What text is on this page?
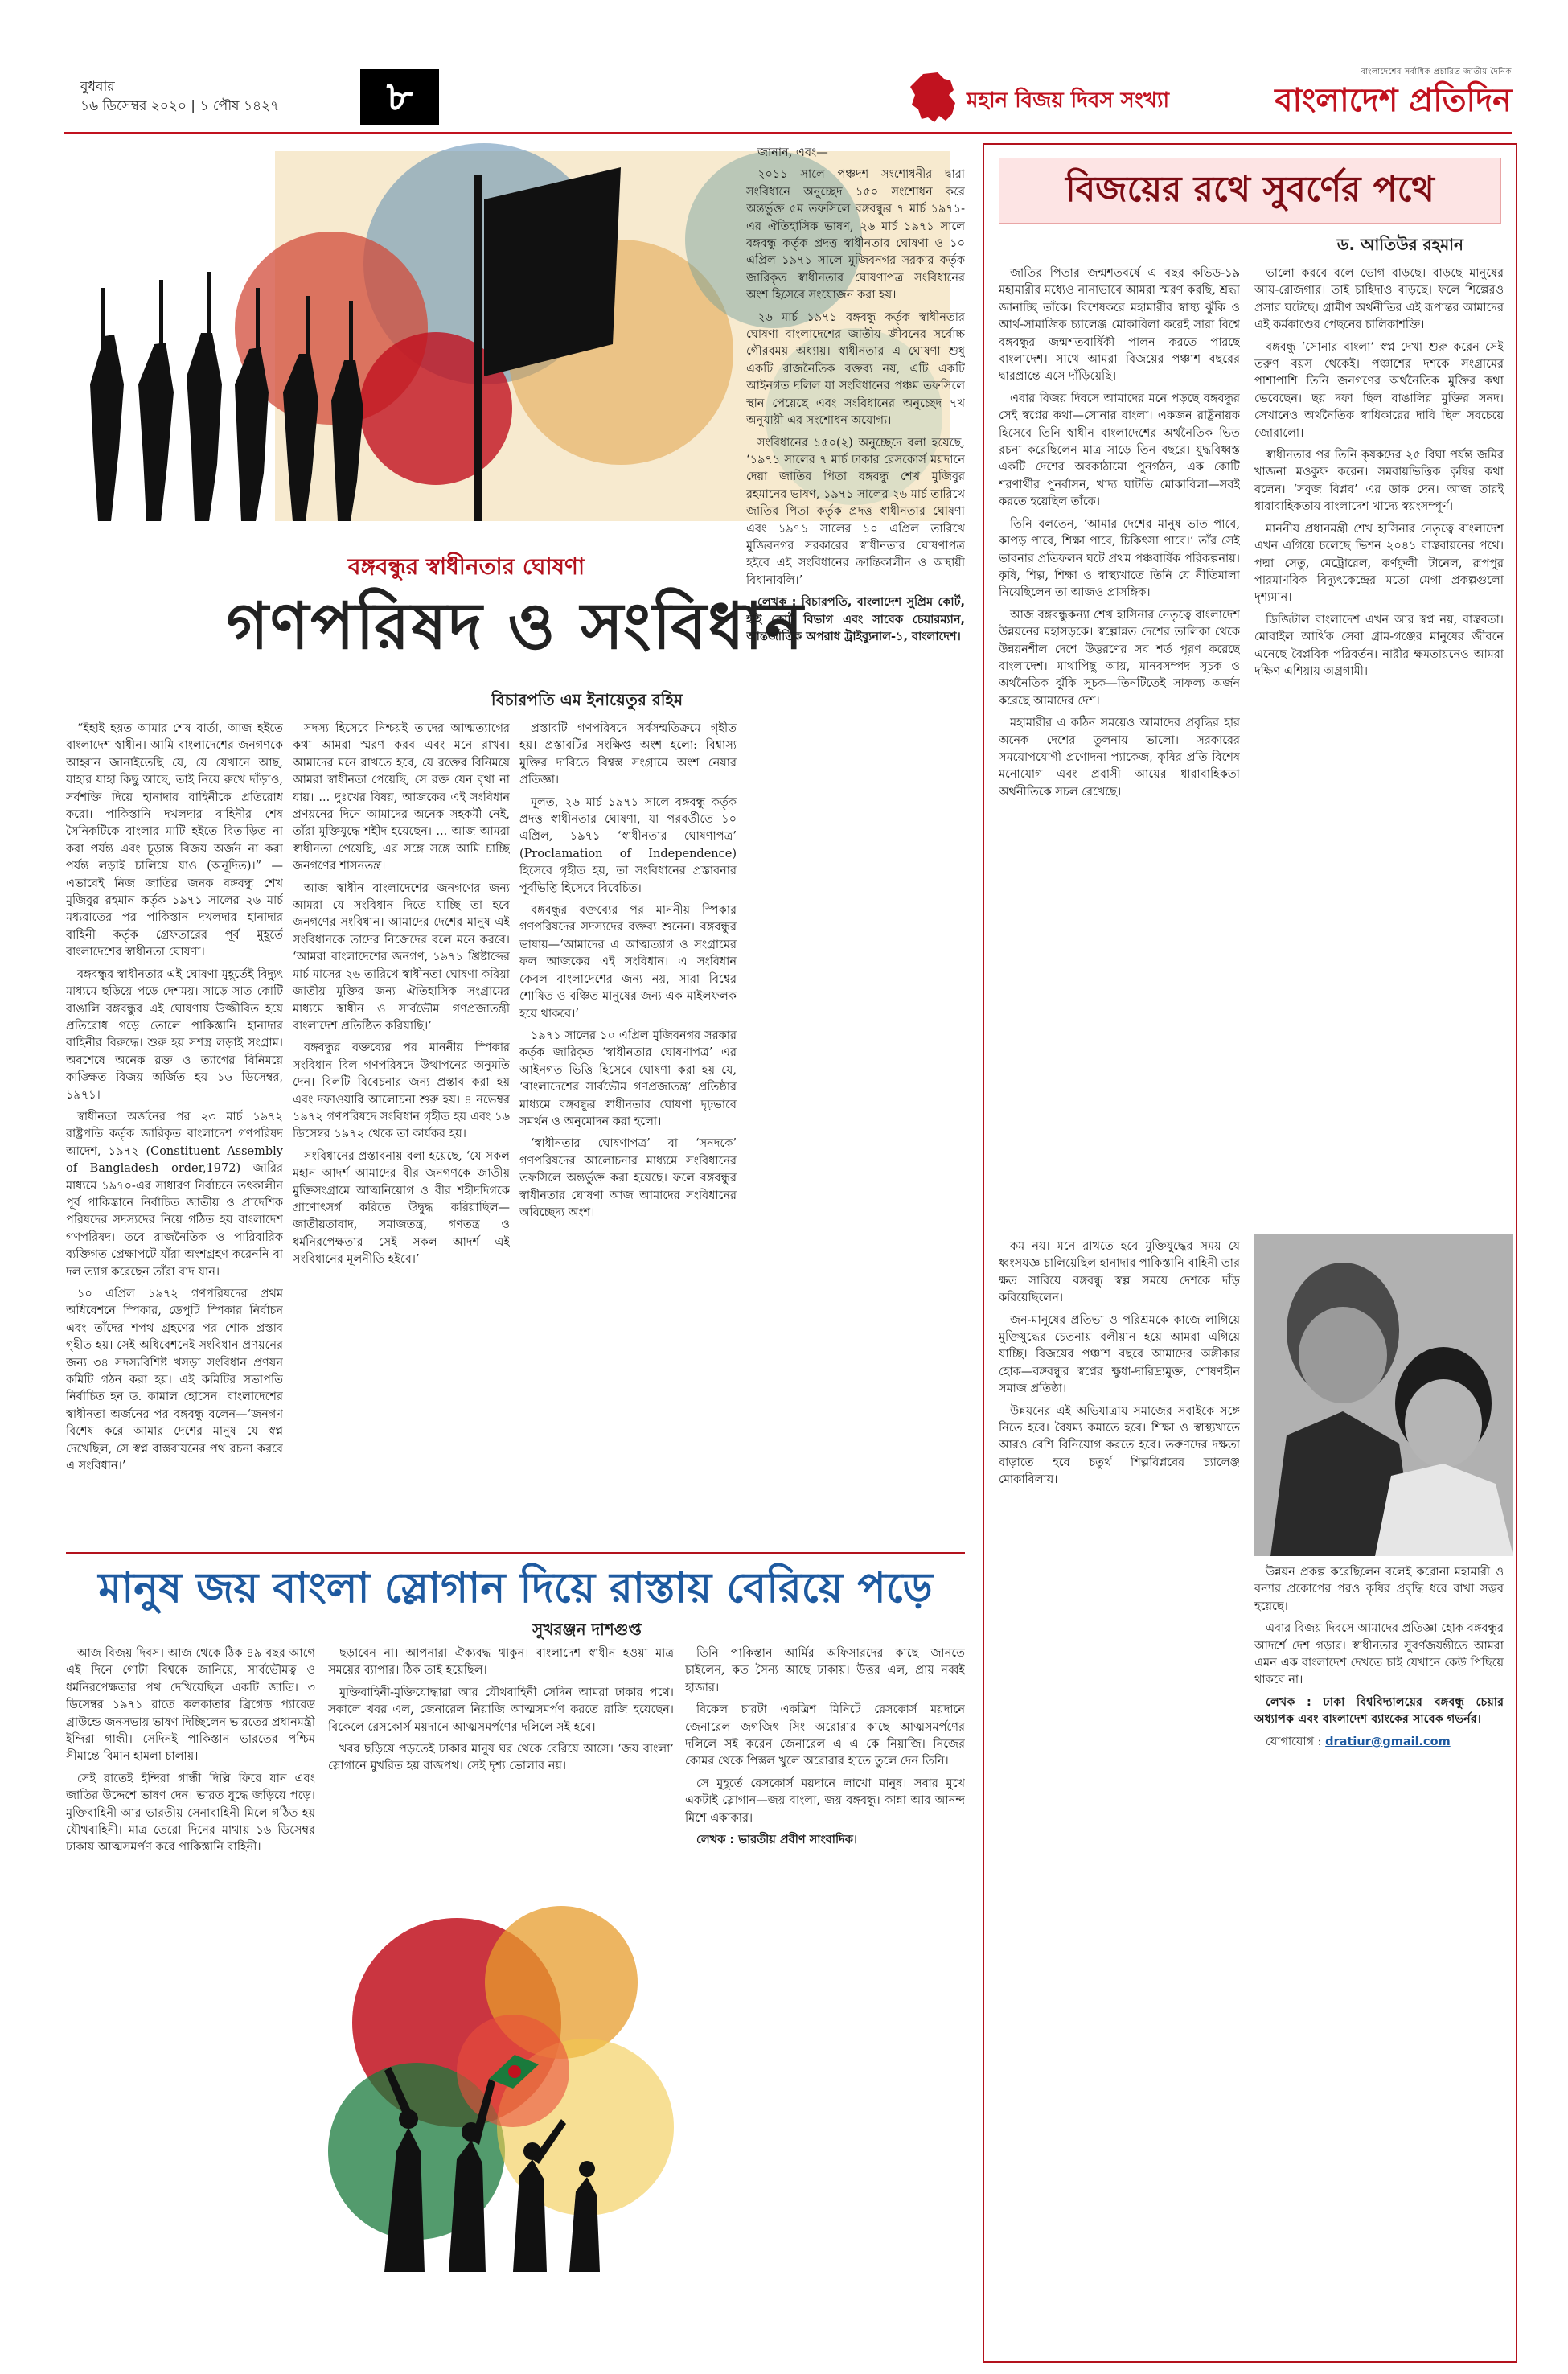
বুধবার
১৬ ডিসেম্বর ২০২০ | ১ পৌষ ১৪২৭	৮	মহান বিজয় দিবস সংখ্যা
বাংলাদেশের সর্বাধিক প্রচারিত জাতীয় দৈনিক
বাংলাদেশ প্রতিদিন
বঙ্গবন্ধুর স্বাধীনতার ঘোষণা
গণপরিষদ ও সংবিধান
বিচারপতি এম ইনায়েতুর রহিম

“ইহাই হয়ত আমার শেষ বার্তা, আজ হইতে বাংলাদেশ স্বাধীন। আমি বাংলাদেশের জনগণকে আহ্বান জানাইতেছি যে, যে যেখানে আছ, যাহার যাহা কিছু আছে, তাই নিয়ে রুখে দাঁড়াও, সর্বশক্তি দিয়ে হানাদার বাহিনীকে প্রতিরোধ করো। পাকিস্তানি দখলদার বাহিনীর শেষ সৈনিকটিকে বাংলার মাটি হইতে বিতাড়িত না করা পর্যন্ত এবং চূড়ান্ত বিজয় অর্জন না করা পর্যন্ত লড়াই চালিয়ে যাও (অনূদিত)।” —এভাবেই নিজ জাতির জনক বঙ্গবন্ধু শেখ মুজিবুর রহমান কর্তৃক ১৯৭১ সালের ২৬ মার্চ মধ্যরাতের পর পাকিস্তান দখলদার হানাদার বাহিনী কর্তৃক গ্রেফতারের পূর্ব মুহূর্তে বাংলাদেশের স্বাধীনতা ঘোষণা।

বঙ্গবন্ধুর স্বাধীনতার এই ঘোষণা মুহূর্তেই বিদ্যুৎ মাধ্যমে ছড়িয়ে পড়ে দেশময়। সাড়ে সাত কোটি বাঙালি বঙ্গবন্ধুর এই ঘোষণায় উজ্জীবিত হয়ে প্রতিরোধ গড়ে তোলে পাকিস্তানি হানাদার বাহিনীর বিরুদ্ধে। শুরু হয় সশস্ত্র লড়াই সংগ্রাম। অবশেষে অনেক রক্ত ও ত্যাগের বিনিময়ে কাঙ্ক্ষিত বিজয় অর্জিত হয় ১৬ ডিসেম্বর, ১৯৭১।

স্বাধীনতা অর্জনের পর ২৩ মার্চ ১৯৭২ রাষ্ট্রপতি কর্তৃক জারিকৃত বাংলাদেশ গণপরিষদ আদেশ, ১৯৭২ (Constituent Assembly of Bangladesh order,1972) জারির মাধ্যমে ১৯৭০-এর সাধারণ নির্বাচনে তৎকালীন পূর্ব পাকিস্তানে নির্বাচিত জাতীয় ও প্রাদেশিক পরিষদের সদস্যদের নিয়ে গঠিত হয় বাংলাদেশ গণপরিষদ। তবে রাজনৈতিক ও পারিবারিক ব্যক্তিগত প্রেক্ষাপটে যাঁরা অংশগ্রহণ করেননি বা দল ত্যাগ করেছেন তাঁরা বাদ যান।

১০ এপ্রিল ১৯৭২ গণপরিষদের প্রথম অধিবেশনে স্পিকার, ডেপুটি স্পিকার নির্বাচন এবং তাঁদের শপথ গ্রহণের পর শোক প্রস্তাব গৃহীত হয়। সেই অধিবেশনেই সংবিধান প্রণয়নের জন্য ৩৪ সদস্যবিশিষ্ট খসড়া সংবিধান প্রণয়ন কমিটি গঠন করা হয়। এই কমিটির সভাপতি নির্বাচিত হন ড. কামাল হোসেন। বাংলাদেশের স্বাধীনতা অর্জনের পর বঙ্গবন্ধু বলেন—‘জনগণ বিশেষ করে আমার দেশের মানুষ যে স্বপ্ন দেখেছিল, সে স্বপ্ন বাস্তবায়নের পথ রচনা করবে এ সংবিধান।’

সদস্য হিসেবে নিশ্চয়ই তাদের আত্মত্যাগের কথা আমরা স্মরণ করব এবং মনে রাখব। আমাদের মনে রাখতে হবে, যে রক্তের বিনিময়ে আমরা স্বাধীনতা পেয়েছি, সে রক্ত যেন বৃথা না যায়। ... দুঃখের বিষয়, আজকের এই সংবিধান প্রণয়নের দিনে আমাদের অনেক সহকর্মী নেই, তাঁরা মুক্তিযুদ্ধে শহীদ হয়েছেন। ... আজ আমরা স্বাধীনতা পেয়েছি, এর সঙ্গে সঙ্গে আমি চাচ্ছি জনগণের শাসনতন্ত্র।

আজ স্বাধীন বাংলাদেশের জনগণের জন্য আমরা যে সংবিধান দিতে যাচ্ছি তা হবে জনগণের সংবিধান। আমাদের দেশের মানুষ এই সংবিধানকে তাদের নিজেদের বলে মনে করবে। ‘আমরা বাংলাদেশের জনগণ, ১৯৭১ খ্রিষ্টাব্দের মার্চ মাসের ২৬ তারিখে স্বাধীনতা ঘোষণা করিয়া জাতীয় মুক্তির জন্য ঐতিহাসিক সংগ্রামের মাধ্যমে স্বাধীন ও সার্বভৌম গণপ্রজাতন্ত্রী বাংলাদেশ প্রতিষ্ঠিত করিয়াছি।’

বঙ্গবন্ধুর বক্তব্যের পর মাননীয় স্পিকার সংবিধান বিল গণপরিষদে উত্থাপনের অনুমতি দেন। বিলটি বিবেচনার জন্য প্রস্তাব করা হয় এবং দফাওয়ারি আলোচনা শুরু হয়। ৪ নভেম্বর ১৯৭২ গণপরিষদে সংবিধান গৃহীত হয় এবং ১৬ ডিসেম্বর ১৯৭২ থেকে তা কার্যকর হয়।

সংবিধানের প্রস্তাবনায় বলা হয়েছে, ‘যে সকল মহান আদর্শ আমাদের বীর জনগণকে জাতীয় মুক্তিসংগ্রামে আত্মনিয়োগ ও বীর শহীদদিগকে প্রাণোৎসর্গ করিতে উদ্বুদ্ধ করিয়াছিল—জাতীয়তাবাদ, সমাজতন্ত্র, গণতন্ত্র ও ধর্মনিরপেক্ষতার সেই সকল আদর্শ এই সংবিধানের মূলনীতি হইবে।’

প্রস্তাবটি গণপরিষদে সর্বসম্মতিক্রমে গৃহীত হয়। প্রস্তাবটির সংক্ষিপ্ত অংশ হলো: বিশ্বাস্য মুক্তির দাবিতে বিশ্বস্ত সংগ্রামে অংশ নেয়ার প্রতিজ্ঞা।

মূলত, ২৬ মার্চ ১৯৭১ সালে বঙ্গবন্ধু কর্তৃক প্রদত্ত স্বাধীনতার ঘোষণা, যা পরবর্তীতে ১০ এপ্রিল, ১৯৭১ ‘স্বাধীনতার ঘোষণাপত্র’ (Proclamation of Independence) হিসেবে গৃহীত হয়, তা সংবিধানের প্রস্তাবনার পূর্বভিত্তি হিসেবে বিবেচিত।

বঙ্গবন্ধুর বক্তব্যের পর মাননীয় স্পিকার গণপরিষদের সদস্যদের বক্তব্য শুনেন। বঙ্গবন্ধুর ভাষায়—‘আমাদের এ আত্মত্যাগ ও সংগ্রামের ফল আজকের এই সংবিধান। এ সংবিধান কেবল বাংলাদেশের জন্য নয়, সারা বিশ্বের শোষিত ও বঞ্চিত মানুষের জন্য এক মাইলফলক হয়ে থাকবে।’

১৯৭১ সালের ১০ এপ্রিল মুজিবনগর সরকার কর্তৃক জারিকৃত ‘স্বাধীনতার ঘোষণাপত্র’ এর আইনগত ভিত্তি হিসেবে ঘোষণা করা হয় যে, ‘বাংলাদেশের সার্বভৌম গণপ্রজাতন্ত্র’ প্রতিষ্ঠার মাধ্যমে বঙ্গবন্ধুর স্বাধীনতার ঘোষণা দৃঢ়ভাবে সমর্থন ও অনুমোদন করা হলো।

‘স্বাধীনতার ঘোষণাপত্র’ বা ‘সনদকে’ গণপরিষদের আলোচনার মাধ্যমে সংবিধানের তফসিলে অন্তর্ভুক্ত করা হয়েছে। ফলে বঙ্গবন্ধুর স্বাধীনতার ঘোষণা আজ আমাদের সংবিধানের অবিচ্ছেদ্য অংশ।

জানান, এবং—

২০১১ সালে পঞ্চদশ সংশোধনীর দ্বারা সংবিধানে অনুচ্ছেদ ১৫০ সংশোধন করে অন্তর্ভুক্ত ৫ম তফসিলে বঙ্গবন্ধুর ৭ মার্চ ১৯৭১-এর ঐতিহাসিক ভাষণ, ২৬ মার্চ ১৯৭১ সালে বঙ্গবন্ধু কর্তৃক প্রদত্ত স্বাধীনতার ঘোষণা ও ১০ এপ্রিল ১৯৭১ সালে মুজিবনগর সরকার কর্তৃক জারিকৃত স্বাধীনতার ঘোষণাপত্র সংবিধানের অংশ হিসেবে সংযোজন করা হয়।

২৬ মার্চ ১৯৭১ বঙ্গবন্ধু কর্তৃক স্বাধীনতার ঘোষণা বাংলাদেশের জাতীয় জীবনের সর্বোচ্চ গৌরবময় অধ্যায়। স্বাধীনতার এ ঘোষণা শুধু একটি রাজনৈতিক বক্তব্য নয়, এটি একটি আইনগত দলিল যা সংবিধানের পঞ্চম তফসিলে স্থান পেয়েছে এবং সংবিধানের অনুচ্ছেদ ৭খ অনুযায়ী এর সংশোধন অযোগ্য।

সংবিধানের ১৫০(২) অনুচ্ছেদে বলা হয়েছে, ‘১৯৭১ সালের ৭ মার্চ ঢাকার রেসকোর্স ময়দানে দেয়া জাতির পিতা বঙ্গবন্ধু শেখ মুজিবুর রহমানের ভাষণ, ১৯৭১ সালের ২৬ মার্চ তারিখে জাতির পিতা কর্তৃক প্রদত্ত স্বাধীনতার ঘোষণা এবং ১৯৭১ সালের ১০ এপ্রিল তারিখে মুজিবনগর সরকারের স্বাধীনতার ঘোষণাপত্র হইবে এই সংবিধানের ক্রান্তিকালীন ও অস্থায়ী বিধানাবলি।’

লেখক : বিচারপতি, বাংলাদেশ সুপ্রিম কোর্ট, হাই কোর্ট বিভাগ এবং সাবেক চেয়ারম্যান, আন্তর্জাতিক অপরাধ ট্রাইব্যুনাল-১, বাংলাদেশ।

বিজয়ের রথে সুবর্ণের পথে
ড. আতিউর রহমান

জাতির পিতার জন্মশতবর্ষে এ বছর কভিড-১৯ মহামারীর মধ্যেও নানাভাবে আমরা স্মরণ করছি, শ্রদ্ধা জানাচ্ছি তাঁকে। বিশেষকরে মহামারীর স্বাস্থ্য ঝুঁকি ও আর্থ-সামাজিক চ্যালেঞ্জ মোকাবিলা করেই সারা বিশ্বে বঙ্গবন্ধুর জন্মশতবার্ষিকী পালন করতে পারছে বাংলাদেশ। সাথে আমরা বিজয়ের পঞ্চাশ বছরের দ্বারপ্রান্তে এসে দাঁড়িয়েছি।

এবার বিজয় দিবসে আমাদের মনে পড়ছে বঙ্গবন্ধুর সেই স্বপ্নের কথা—সোনার বাংলা। একজন রাষ্ট্রনায়ক হিসেবে তিনি স্বাধীন বাংলাদেশের অর্থনৈতিক ভিত রচনা করেছিলেন মাত্র সাড়ে তিন বছরে। যুদ্ধবিধ্বস্ত একটি দেশের অবকাঠামো পুনর্গঠন, এক কোটি শরণার্থীর পুনর্বাসন, খাদ্য ঘাটতি মোকাবিলা—সবই করতে হয়েছিল তাঁকে।

তিনি বলতেন, ‘আমার দেশের মানুষ ভাত পাবে, কাপড় পাবে, শিক্ষা পাবে, চিকিৎসা পাবে।’ তাঁর সেই ভাবনার প্রতিফলন ঘটে প্রথম পঞ্চবার্ষিক পরিকল্পনায়। কৃষি, শিল্প, শিক্ষা ও স্বাস্থ্যখাতে তিনি যে নীতিমালা নিয়েছিলেন তা আজও প্রাসঙ্গিক।

আজ বঙ্গবন্ধুকন্যা শেখ হাসিনার নেতৃত্বে বাংলাদেশ উন্নয়নের মহাসড়কে। স্বল্পোন্নত দেশের তালিকা থেকে উন্নয়নশীল দেশে উত্তরণের সব শর্ত পূরণ করেছে বাংলাদেশ। মাথাপিছু আয়, মানবসম্পদ সূচক ও অর্থনৈতিক ঝুঁকি সূচক—তিনটিতেই সাফল্য অর্জন করেছে আমাদের দেশ।

মহামারীর এ কঠিন সময়েও আমাদের প্রবৃদ্ধির হার অনেক দেশের তুলনায় ভালো। সরকারের সময়োপযোগী প্রণোদনা প্যাকেজ, কৃষির প্রতি বিশেষ মনোযোগ এবং প্রবাসী আয়ের ধারাবাহিকতা অর্থনীতিকে সচল রেখেছে।

ভালো করবে বলে ভোগ বাড়ছে। বাড়ছে মানুষের আয়-রোজগার। তাই চাহিদাও বাড়ছে। ফলে শিল্পেরও প্রসার ঘটেছে। গ্রামীণ অর্থনীতির এই রূপান্তর আমাদের এই কর্মকাণ্ডের পেছনের চালিকাশক্তি।

বঙ্গবন্ধু ‘সোনার বাংলা’ স্বপ্ন দেখা শুরু করেন সেই তরুণ বয়স থেকেই। পঞ্চাশের দশকে সংগ্রামের পাশাপাশি তিনি জনগণের অর্থনৈতিক মুক্তির কথা ভেবেছেন। ছয় দফা ছিল বাঙালির মুক্তির সনদ। সেখানেও অর্থনৈতিক স্বাধিকারের দাবি ছিল সবচেয়ে জোরালো।

স্বাধীনতার পর তিনি কৃষকদের ২৫ বিঘা পর্যন্ত জমির খাজনা মওকুফ করেন। সমবায়ভিত্তিক কৃষির কথা বলেন। ‘সবুজ বিপ্লব’ এর ডাক দেন। আজ তারই ধারাবাহিকতায় বাংলাদেশ খাদ্যে স্বয়ংসম্পূর্ণ।

মাননীয় প্রধানমন্ত্রী শেখ হাসিনার নেতৃত্বে বাংলাদেশ এখন এগিয়ে চলেছে ভিশন ২০৪১ বাস্তবায়নের পথে। পদ্মা সেতু, মেট্রোরেল, কর্ণফুলী টানেল, রূপপুর পারমাণবিক বিদ্যুৎকেন্দ্রের মতো মেগা প্রকল্পগুলো দৃশ্যমান।

ডিজিটাল বাংলাদেশ এখন আর স্বপ্ন নয়, বাস্তবতা। মোবাইল আর্থিক সেবা গ্রাম-গঞ্জের মানুষের জীবনে এনেছে বৈপ্লবিক পরিবর্তন। নারীর ক্ষমতায়নেও আমরা দক্ষিণ এশিয়ায় অগ্রগামী।

কম নয়। মনে রাখতে হবে মুক্তিযুদ্ধের সময় যে ধ্বংসযজ্ঞ চালিয়েছিল হানাদার পাকিস্তানি বাহিনী তার ক্ষত সারিয়ে বঙ্গবন্ধু স্বল্প সময়ে দেশকে দাঁড় করিয়েছিলেন।

জন-মানুষের প্রতিভা ও পরিশ্রমকে কাজে লাগিয়ে মুক্তিযুদ্ধের চেতনায় বলীয়ান হয়ে আমরা এগিয়ে যাচ্ছি। বিজয়ের পঞ্চাশ বছরে আমাদের অঙ্গীকার হোক—বঙ্গবন্ধুর স্বপ্নের ক্ষুধা-দারিদ্র্যমুক্ত, শোষণহীন সমাজ প্রতিষ্ঠা।

উন্নয়নের এই অভিযাত্রায় সমাজের সবাইকে সঙ্গে নিতে হবে। বৈষম্য কমাতে হবে। শিক্ষা ও স্বাস্থ্যখাতে আরও বেশি বিনিয়োগ করতে হবে। তরুণদের দক্ষতা বাড়াতে হবে চতুর্থ শিল্পবিপ্লবের চ্যালেঞ্জ মোকাবিলায়।

উন্নয়ন প্রকল্প করেছিলেন বলেই করোনা মহামারী ও বন্যার প্রকোপের পরও কৃষির প্রবৃদ্ধি ধরে রাখা সম্ভব হয়েছে।

এবার বিজয় দিবসে আমাদের প্রতিজ্ঞা হোক বঙ্গবন্ধুর আদর্শে দেশ গড়ার। স্বাধীনতার সুবর্ণজয়ন্তীতে আমরা এমন এক বাংলাদেশ দেখতে চাই যেখানে কেউ পিছিয়ে থাকবে না।

লেখক : ঢাকা বিশ্ববিদ্যালয়ের বঙ্গবন্ধু চেয়ার অধ্যাপক এবং বাংলাদেশ ব্যাংকের সাবেক গভর্নর।

যোগাযোগ : dratiur@gmail.com

মানুষ জয় বাংলা স্লোগান দিয়ে রাস্তায় বেরিয়ে পড়ে
সুখরঞ্জন দাশগুপ্ত

আজ বিজয় দিবস। আজ থেকে ঠিক ৪৯ বছর আগে এই দিনে গোটা বিশ্বকে জানিয়ে, সার্বভৌমত্ব ও ধর্মনিরপেক্ষতার পথ দেখিয়েছিল একটি জাতি। ৩ ডিসেম্বর ১৯৭১ রাতে কলকাতার ব্রিগেড প্যারেড গ্রাউন্ডে জনসভায় ভাষণ দিচ্ছিলেন ভারতের প্রধানমন্ত্রী ইন্দিরা গান্ধী। সেদিনই পাকিস্তান ভারতের পশ্চিম সীমান্তে বিমান হামলা চালায়।

সেই রাতেই ইন্দিরা গান্ধী দিল্লি ফিরে যান এবং জাতির উদ্দেশে ভাষণ দেন। ভারত যুদ্ধে জড়িয়ে পড়ে। মুক্তিবাহিনী আর ভারতীয় সেনাবাহিনী মিলে গঠিত হয় যৌথবাহিনী। মাত্র তেরো দিনের মাথায় ১৬ ডিসেম্বর ঢাকায় আত্মসমর্পণ করে পাকিস্তানি বাহিনী।

ছড়াবেন না। আপনারা ঐক্যবদ্ধ থাকুন। বাংলাদেশ স্বাধীন হওয়া মাত্র সময়ের ব্যাপার। ঠিক তাই হয়েছিল।

মুক্তিবাহিনী-মুক্তিযোদ্ধারা আর যৌথবাহিনী সেদিন আমরা ঢাকার পথে। সকালে খবর এল, জেনারেল নিয়াজি আত্মসমর্পণ করতে রাজি হয়েছেন। বিকেলে রেসকোর্স ময়দানে আত্মসমর্পণের দলিলে সই হবে।

খবর ছড়িয়ে পড়তেই ঢাকার মানুষ ঘর থেকে বেরিয়ে আসে। ‘জয় বাংলা’ স্লোগানে মুখরিত হয় রাজপথ। সেই দৃশ্য ভোলার নয়।

তিনি পাকিস্তান আর্মির অফিসারদের কাছে জানতে চাইলেন, কত সৈন্য আছে ঢাকায়। উত্তর এল, প্রায় নব্বই হাজার।

বিকেল চারটা একত্রিশ মিনিটে রেসকোর্স ময়দানে জেনারেল জগজিৎ সিং অরোরার কাছে আত্মসমর্পণের দলিলে সই করেন জেনারেল এ এ কে নিয়াজি। নিজের কোমর থেকে পিস্তল খুলে অরোরার হাতে তুলে দেন তিনি।

সে মুহূর্তে রেসকোর্স ময়দানে লাখো মানুষ। সবার মুখে একটাই স্লোগান—জয় বাংলা, জয় বঙ্গবন্ধু। কান্না আর আনন্দ মিশে একাকার।

লেখক : ভারতীয় প্রবীণ সাংবাদিক।
